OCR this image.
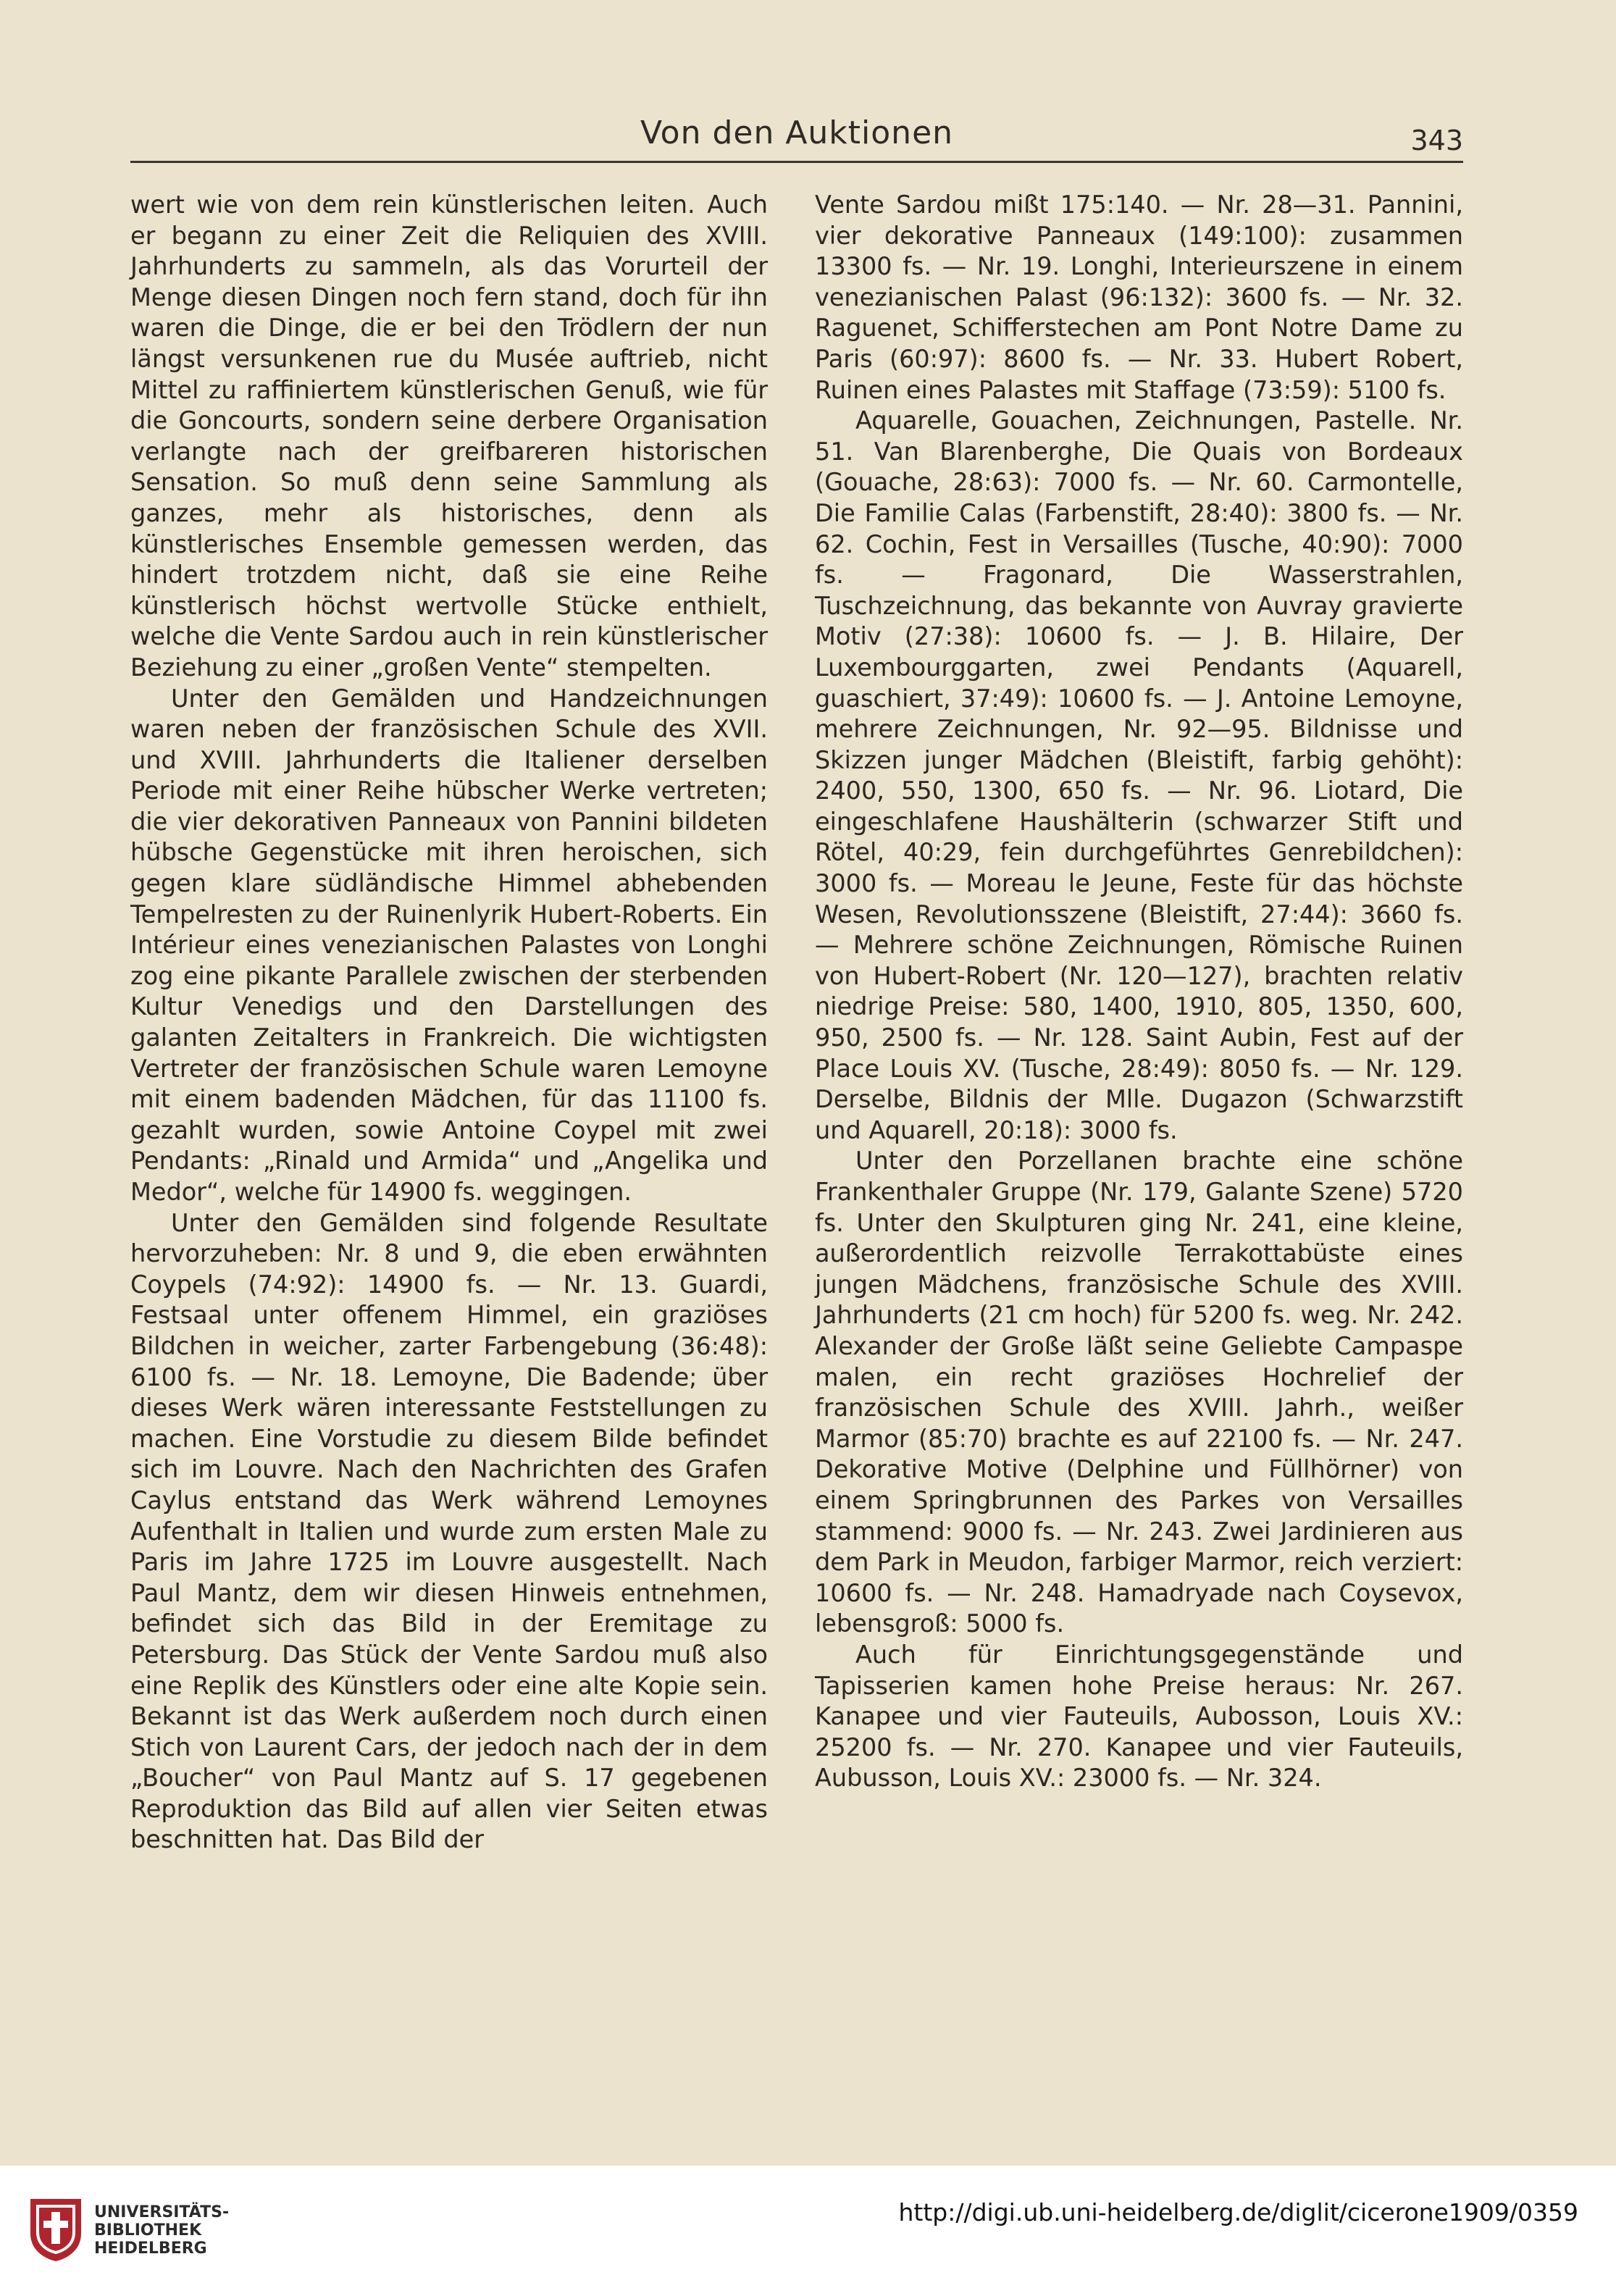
Von den Auktionen	343

wert wie von dem rein künstlerischen leiten. Auch er begann zu einer Zeit die Reliquien des XVIII. Jahrhunderts zu sammeln, als das Vorurteil der Menge diesen Dingen noch fern stand, doch für ihn waren die Dinge, die er bei den Trödlern der nun längst versunkenen rue du Musée auftrieb, nicht Mittel zu raffiniertem künstlerischen Genuß, wie für die Goncourts, sondern seine derbere Organisation verlangte nach der greifbareren historischen Sensation. So muß denn seine Sammlung als ganzes, mehr als historisches, denn als künstlerisches Ensemble gemessen werden, das hindert trotzdem nicht, daß sie eine Reihe künstlerisch höchst wertvolle Stücke enthielt, welche die Vente Sardou auch in rein künstlerischer Beziehung zu einer „großen Vente“ stempelten.

Unter den Gemälden und Handzeichnungen waren neben der französischen Schule des XVII. und XVIII. Jahrhunderts die Italiener derselben Periode mit einer Reihe hübscher Werke vertreten; die vier dekorativen Panneaux von Pannini bildeten hübsche Gegenstücke mit ihren heroischen, sich gegen klare südländische Himmel abhebenden Tempelresten zu der Ruinenlyrik Hubert-Roberts. Ein Intérieur eines venezianischen Palastes von Longhi zog eine pikante Parallele zwischen der sterbenden Kultur Venedigs und den Darstellungen des galanten Zeitalters in Frankreich. Die wichtigsten Vertreter der französischen Schule waren Lemoyne mit einem badenden Mädchen, für das 11100 fs. gezahlt wurden, sowie Antoine Coypel mit zwei Pendants: „Rinald und Armida“ und „Angelika und Medor“, welche für 14900 fs. weggingen.

Unter den Gemälden sind folgende Resultate hervorzuheben: Nr. 8 und 9, die eben erwähnten Coypels (74:92): 14900 fs. — Nr. 13. Guardi, Festsaal unter offenem Himmel, ein graziöses Bildchen in weicher, zarter Farbengebung (36:48): 6100 fs. — Nr. 18. Lemoyne, Die Badende; über dieses Werk wären interessante Feststellungen zu machen. Eine Vorstudie zu diesem Bilde befindet sich im Louvre. Nach den Nachrichten des Grafen Caylus entstand das Werk während Lemoynes Aufenthalt in Italien und wurde zum ersten Male zu Paris im Jahre 1725 im Louvre ausgestellt. Nach Paul Mantz, dem wir diesen Hinweis entnehmen, befindet sich das Bild in der Eremitage zu Petersburg. Das Stück der Vente Sardou muß also eine Replik des Künstlers oder eine alte Kopie sein. Bekannt ist das Werk außerdem noch durch einen Stich von Laurent Cars, der jedoch nach der in dem „Boucher“ von Paul Mantz auf S. 17 gegebenen Reproduktion das Bild auf allen vier Seiten etwas beschnitten hat. Das Bild der

Vente Sardou mißt 175:140. — Nr. 28—31. Pannini, vier dekorative Panneaux (149:100): zusammen 13300 fs. — Nr. 19. Longhi, Interieurszene in einem venezianischen Palast (96:132): 3600 fs. — Nr. 32. Raguenet, Schifferstechen am Pont Notre Dame zu Paris (60:97): 8600 fs. — Nr. 33. Hubert Robert, Ruinen eines Palastes mit Staffage (73:59): 5100 fs.

Aquarelle, Gouachen, Zeichnungen, Pastelle. Nr. 51. Van Blarenberghe, Die Quais von Bordeaux (Gouache, 28:63): 7000 fs. — Nr. 60. Carmontelle, Die Familie Calas (Farbenstift, 28:40): 3800 fs. — Nr. 62. Cochin, Fest in Versailles (Tusche, 40:90): 7000 fs. — Fragonard, Die Wasserstrahlen, Tuschzeichnung, das bekannte von Auvray gravierte Motiv (27:38): 10600 fs. — J. B. Hilaire, Der Luxembourggarten, zwei Pendants (Aquarell, guaschiert, 37:49): 10600 fs. — J. Antoine Lemoyne, mehrere Zeichnungen, Nr. 92—95. Bildnisse und Skizzen junger Mädchen (Bleistift, farbig gehöht): 2400, 550, 1300, 650 fs. — Nr. 96. Liotard, Die eingeschlafene Haushälterin (schwarzer Stift und Rötel, 40:29, fein durchgeführtes Genrebildchen): 3000 fs. — Moreau le Jeune, Feste für das höchste Wesen, Revolutionsszene (Bleistift, 27:44): 3660 fs. — Mehrere schöne Zeichnungen, Römische Ruinen von Hubert-Robert (Nr. 120—127), brachten relativ niedrige Preise: 580, 1400, 1910, 805, 1350, 600, 950, 2500 fs. — Nr. 128. Saint Aubin, Fest auf der Place Louis XV. (Tusche, 28:49): 8050 fs. — Nr. 129. Derselbe, Bildnis der Mlle. Dugazon (Schwarzstift und Aquarell, 20:18): 3000 fs.

Unter den Porzellanen brachte eine schöne Frankenthaler Gruppe (Nr. 179, Galante Szene) 5720 fs. Unter den Skulpturen ging Nr. 241, eine kleine, außerordentlich reizvolle Terrakottabüste eines jungen Mädchens, französische Schule des XVIII. Jahrhunderts (21 cm hoch) für 5200 fs. weg. Nr. 242. Alexander der Große läßt seine Geliebte Campaspe malen, ein recht graziöses Hochrelief der französischen Schule des XVIII. Jahrh., weißer Marmor (85:70) brachte es auf 22100 fs. — Nr. 247. Dekorative Motive (Delphine und Füllhörner) von einem Springbrunnen des Parkes von Versailles stammend: 9000 fs. — Nr. 243. Zwei Jardinieren aus dem Park in Meudon, farbiger Marmor, reich verziert: 10600 fs. — Nr. 248. Hamadryade nach Coysevox, lebensgroß: 5000 fs.

Auch für Einrichtungsgegenstände und Tapisserien kamen hohe Preise heraus: Nr. 267. Kanapee und vier Fauteuils, Aubosson, Louis XV.: 25200 fs. — Nr. 270. Kanapee und vier Fauteuils, Aubusson, Louis XV.: 23000 fs. — Nr. 324.

UNIVERSITÄTS-
BIBLIOTHEK
HEIDELBERG
http://digi.ub.uni-heidelberg.de/diglit/cicerone1909/0359
